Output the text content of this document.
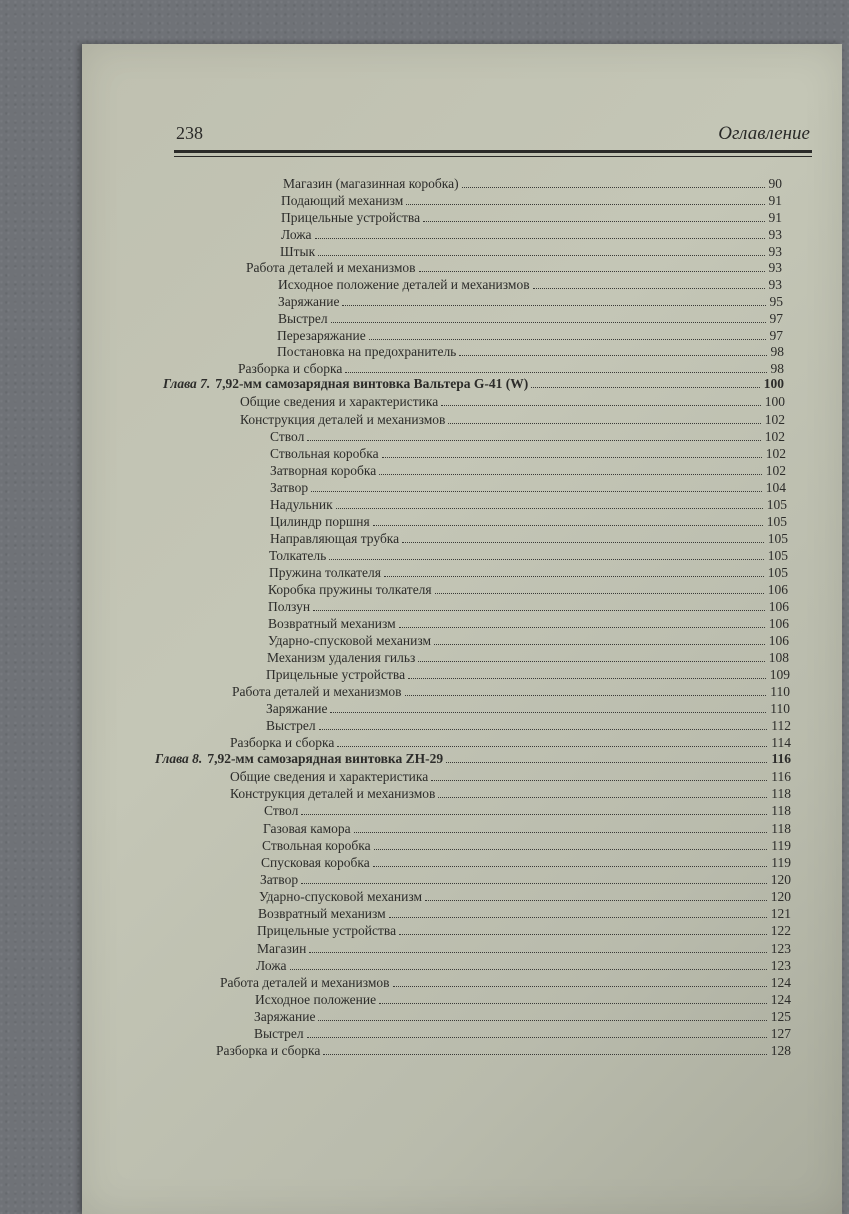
238	Оглавление
Магазин (магазинная коробка)	90
Подающий механизм	91
Прицельные устройства	91
Ложа	93
Штык	93
Работа деталей и механизмов	93
Исходное положение деталей и механизмов	93
Заряжание	95
Выстрел	97
Перезаряжание	97
Постановка на предохранитель	98
Разборка и сборка	98
Глава 7. 7,92-мм самозарядная винтовка Вальтера G-41 (W)	100
Общие сведения и характеристика	100
Конструкция деталей и механизмов	102
Ствол	102
Ствольная коробка	102
Затворная коробка	102
Затвор	104
Надульник	105
Цилиндр поршня	105
Направляющая трубка	105
Толкатель	105
Пружина толкателя	105
Коробка пружины толкателя	106
Ползун	106
Возвратный механизм	106
Ударно-спусковой механизм	106
Механизм удаления гильз	108
Прицельные устройства	109
Работа деталей и механизмов	110
Заряжание	110
Выстрел	112
Разборка и сборка	114
Глава 8. 7,92-мм самозарядная винтовка ZH-29	116
Общие сведения и характеристика	116
Конструкция деталей и механизмов	118
Ствол	118
Газовая камора	118
Ствольная коробка	119
Спусковая коробка	119
Затвор	120
Ударно-спусковой механизм	120
Возвратный механизм	121
Прицельные устройства	122
Магазин	123
Ложа	123
Работа деталей и механизмов	124
Исходное положение	124
Заряжание	125
Выстрел	127
Разборка и сборка	128
